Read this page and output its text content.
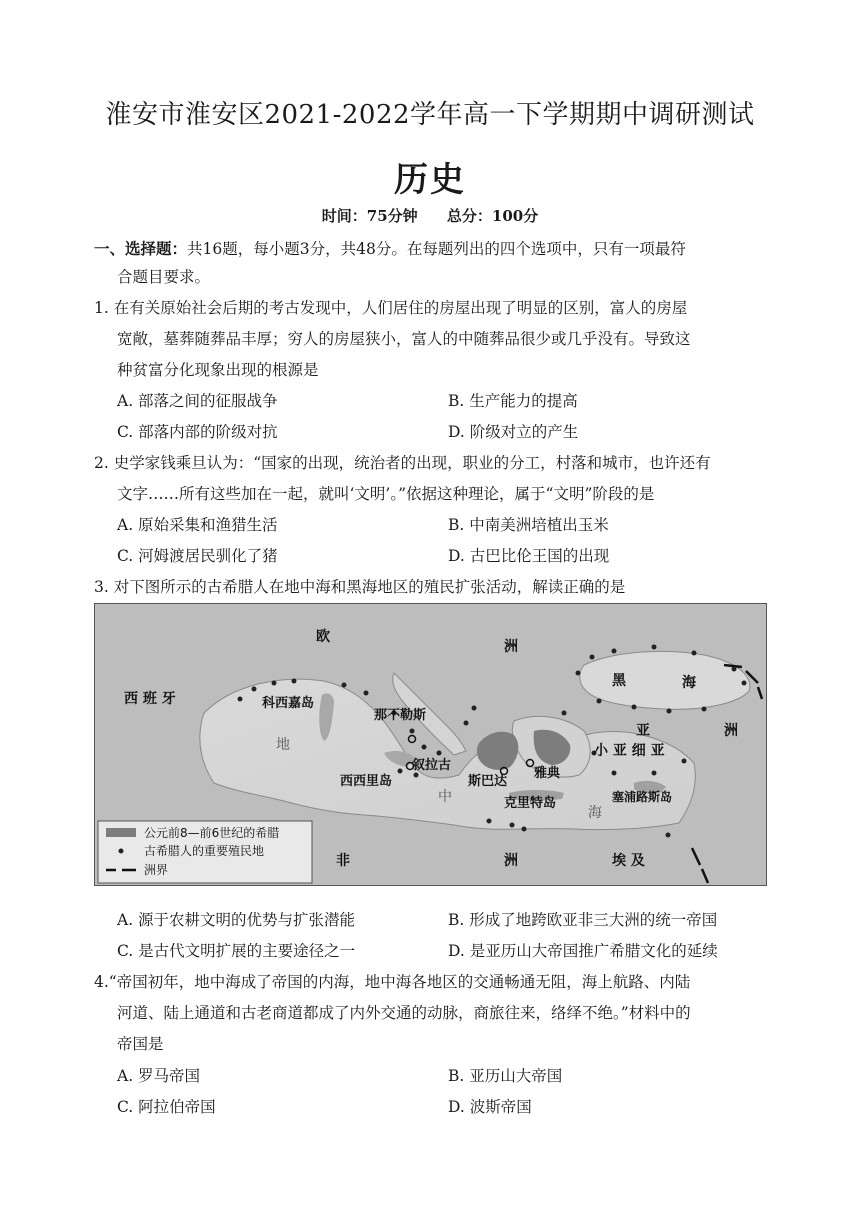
淮安市淮安区2021-2022学年高一下学期期中调研测试
历史
时间：75分钟 总分：100分
一、选择题：共16题，每小题3分，共48分。在每题列出的四个选项中，只有一项最符
合题目要求。
1. 在有关原始社会后期的考古发现中，人们居住的房屋出现了明显的区别，富人的房屋
宽敞，墓葬随葬品丰厚；穷人的房屋狭小，富人的中随葬品很少或几乎没有。导致这
种贫富分化现象出现的根源是
A. 部落之间的征服战争	B. 生产能力的提高
C. 部落内部的阶级对抗	D. 阶级对立的产生
2. 史学家钱乘旦认为：“国家的出现，统治者的出现，职业的分工，村落和城市，也许还有
文字……所有这些加在一起，就叫‘文明’。”依据这种理论，属于“文明”阶段的是
A. 原始采集和渔猎生活	B. 中南美洲培植出玉米
C. 河姆渡居民驯化了猪	D. 古巴比伦王国的出现
3. 对下图所示的古希腊人在地中海和黑海地区的殖民扩张活动，解读正确的是
欧
洲
西 班 牙	科西嘉岛
那不勒斯
黑	海
亚	洲
小 亚 细 亚
地
西西里岛
叙拉古
斯巴达
雅典
中	克里特岛
海
塞浦路斯岛
非	洲	埃 及
公元前8—前6世纪的希腊
古希腊人的重要殖民地
洲界
A. 源于农耕文明的优势与扩张潜能	B. 形成了地跨欧亚非三大洲的统一帝国
C. 是古代文明扩展的主要途径之一	D. 是亚历山大帝国推广希腊文化的延续
4.“帝国初年，地中海成了帝国的内海，地中海各地区的交通畅通无阻，海上航路、内陆
河道、陆上通道和古老商道都成了内外交通的动脉，商旅往来，络绎不绝。”材料中的
帝国是
A. 罗马帝国	B. 亚历山大帝国
C. 阿拉伯帝国	D. 波斯帝国
